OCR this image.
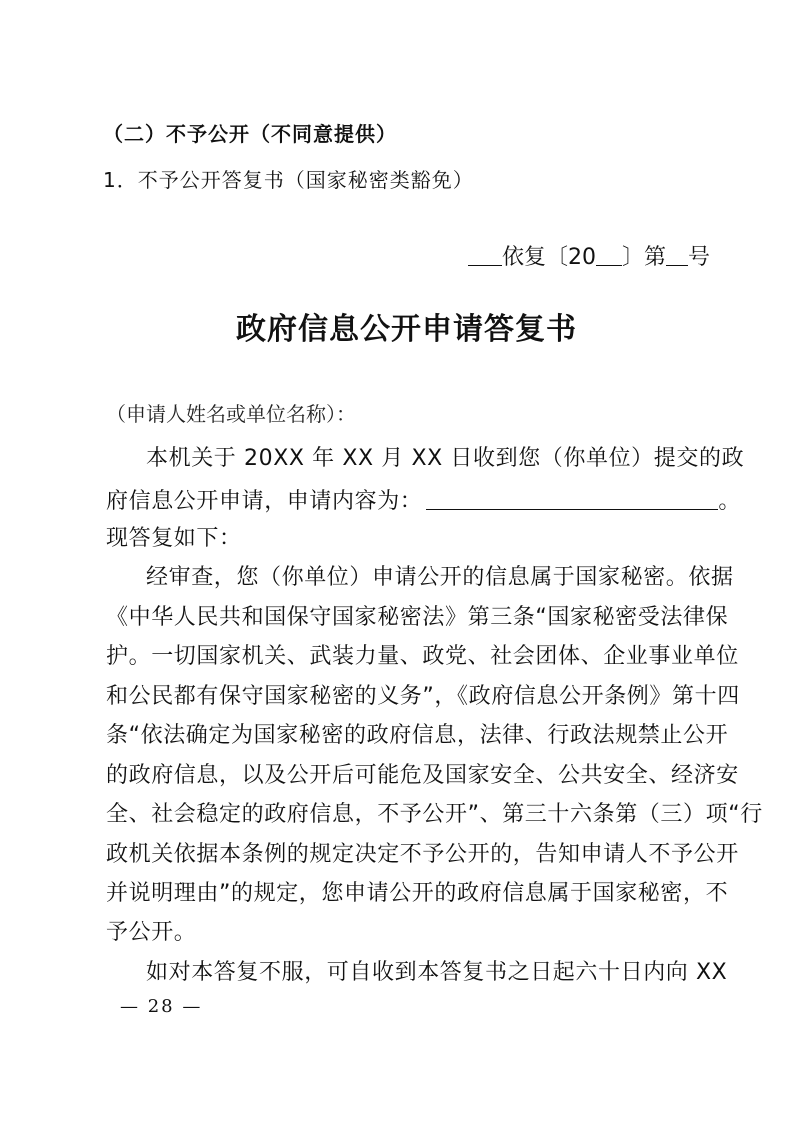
（二）不予公开（不同意提供）
1．不予公开答复书（国家秘密类豁免）
依复〔20 〕第 号
政府信息公开申请答复书
（申请人姓名或单位名称）：
本机关于 20XX 年 XX 月 XX 日收到您（你单位）提交的政
府信息公开申请，申请内容为：	。
现答复如下：
经审查，您（你单位）申请公开的信息属于国家秘密。依据
《中华人民共和国保守国家秘密法》第三条“国家秘密受法律保
护。一切国家机关、武装力量、政党、社会团体、企业事业单位
和公民都有保守国家秘密的义务”，《政府信息公开条例》第十四
条“依法确定为国家秘密的政府信息，法律、行政法规禁止公开
的政府信息，以及公开后可能危及国家安全、公共安全、经济安
全、社会稳定的政府信息，不予公开”、第三十六条第（三）项“行
政机关依据本条例的规定决定不予公开的，告知申请人不予公开
并说明理由”的规定，您申请公开的政府信息属于国家秘密，不
予公开。
如对本答复不服，可自收到本答复书之日起六十日内向 XX
— 28 —
